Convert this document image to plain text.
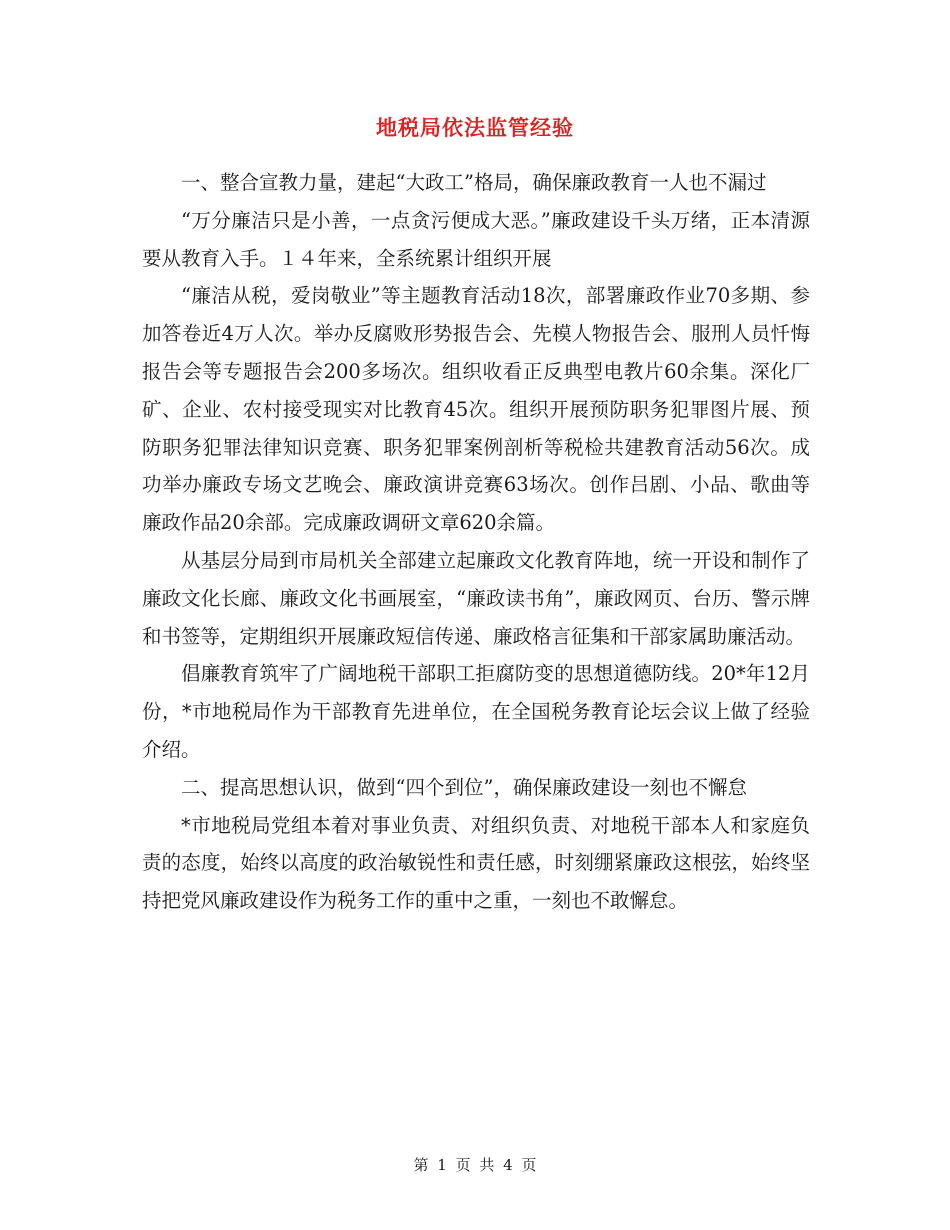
地税局依法监管经验

一、整合宣教力量，建起“大政工”格局，确保廉政教育一人也不漏过

“万分廉洁只是小善，一点贪污便成大恶。”廉政建设千头万绪，正本清源要从教育入手。１４年来，全系统累计组织开展

“廉洁从税，爱岗敬业”等主题教育活动18次，部署廉政作业70多期、参加答卷近4万人次。举办反腐败形势报告会、先模人物报告会、服刑人员忏悔报告会等专题报告会200多场次。组织收看正反典型电教片60余集。深化厂矿、企业、农村接受现实对比教育45次。组织开展预防职务犯罪图片展、预防职务犯罪法律知识竞赛、职务犯罪案例剖析等税检共建教育活动56次。成功举办廉政专场文艺晚会、廉政演讲竞赛63场次。创作吕剧、小品、歌曲等廉政作品20余部。完成廉政调研文章620余篇。

从基层分局到市局机关全部建立起廉政文化教育阵地，统一开设和制作了廉政文化长廊、廉政文化书画展室，“廉政读书角”，廉政网页、台历、警示牌和书签等，定期组织开展廉政短信传递、廉政格言征集和干部家属助廉活动。

倡廉教育筑牢了广阔地税干部职工拒腐防变的思想道德防线。20*年12月份，*市地税局作为干部教育先进单位，在全国税务教育论坛会议上做了经验介绍。

二、提高思想认识，做到“四个到位”，确保廉政建设一刻也不懈怠

*市地税局党组本着对事业负责、对组织负责、对地税干部本人和家庭负责的态度，始终以高度的政治敏锐性和责任感，时刻绷紧廉政这根弦，始终坚持把党风廉政建设作为税务工作的重中之重，一刻也不敢懈怠。

第 1 页 共 4 页
